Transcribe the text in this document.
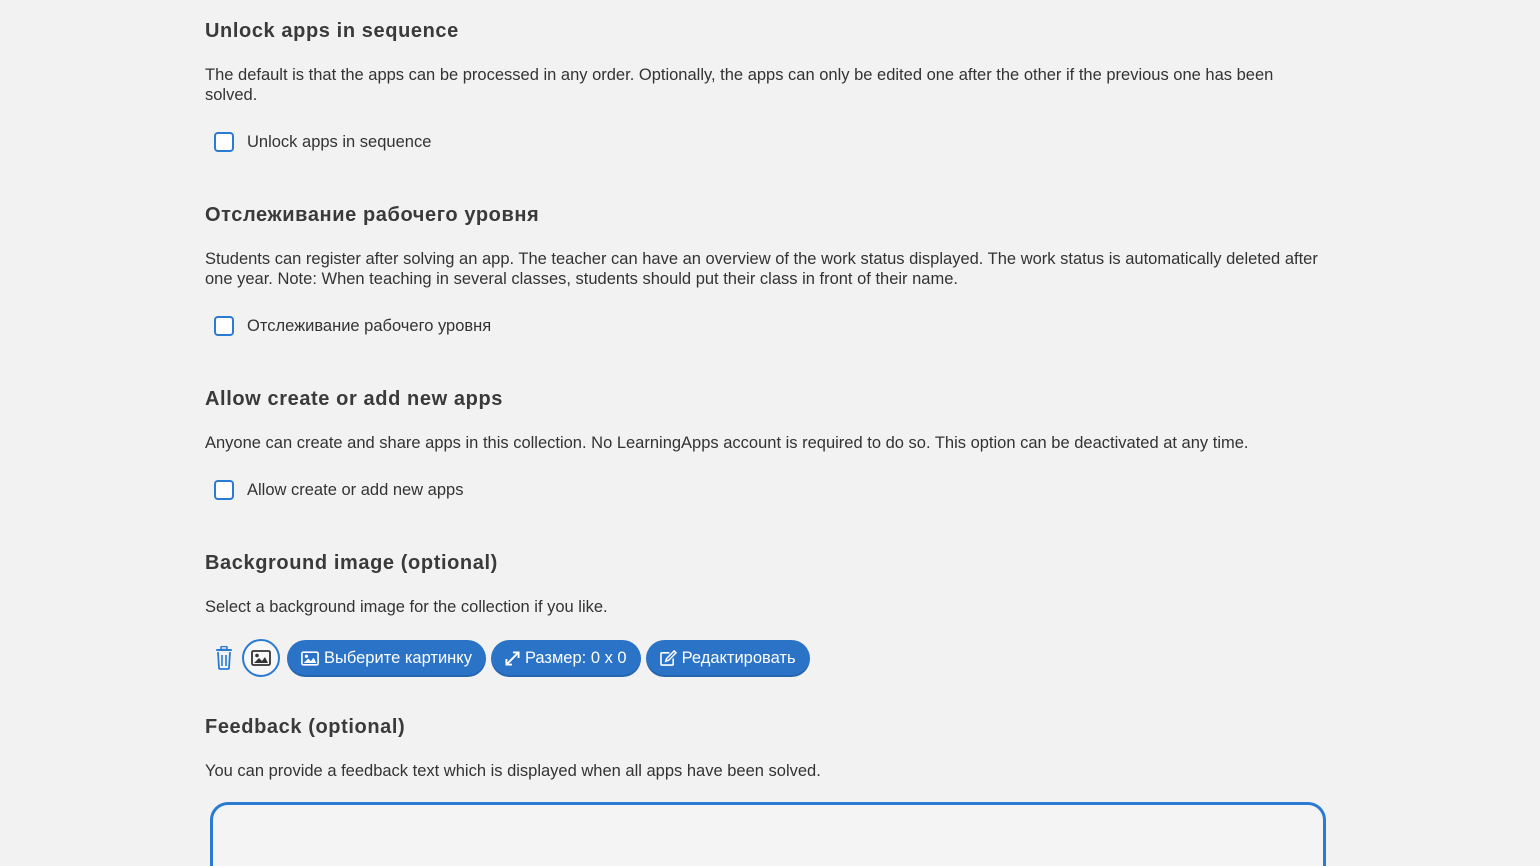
Unlock apps in sequence

The default is that the apps can be processed in any order. Optionally, the apps can only be edited one after the other if the previous one has been solved.

Unlock apps in sequence
Отслеживание рабочего уровня

Students can register after solving an app. The teacher can have an overview of the work status displayed. The work status is automatically deleted after one year. Note: When teaching in several classes, students should put their class in front of their name.

Отслеживание рабочего уровня
Allow create or add new apps

Anyone can create and share apps in this collection. No LearningApps account is required to do so. This option can be deactivated at any time.

Allow create or add new apps
Background image (optional)

Select a background image for the collection if you like.

Выберите картинку	Размер: 0 x 0	Редактировать
Feedback (optional)

You can provide a feedback text which is displayed when all apps have been solved.
